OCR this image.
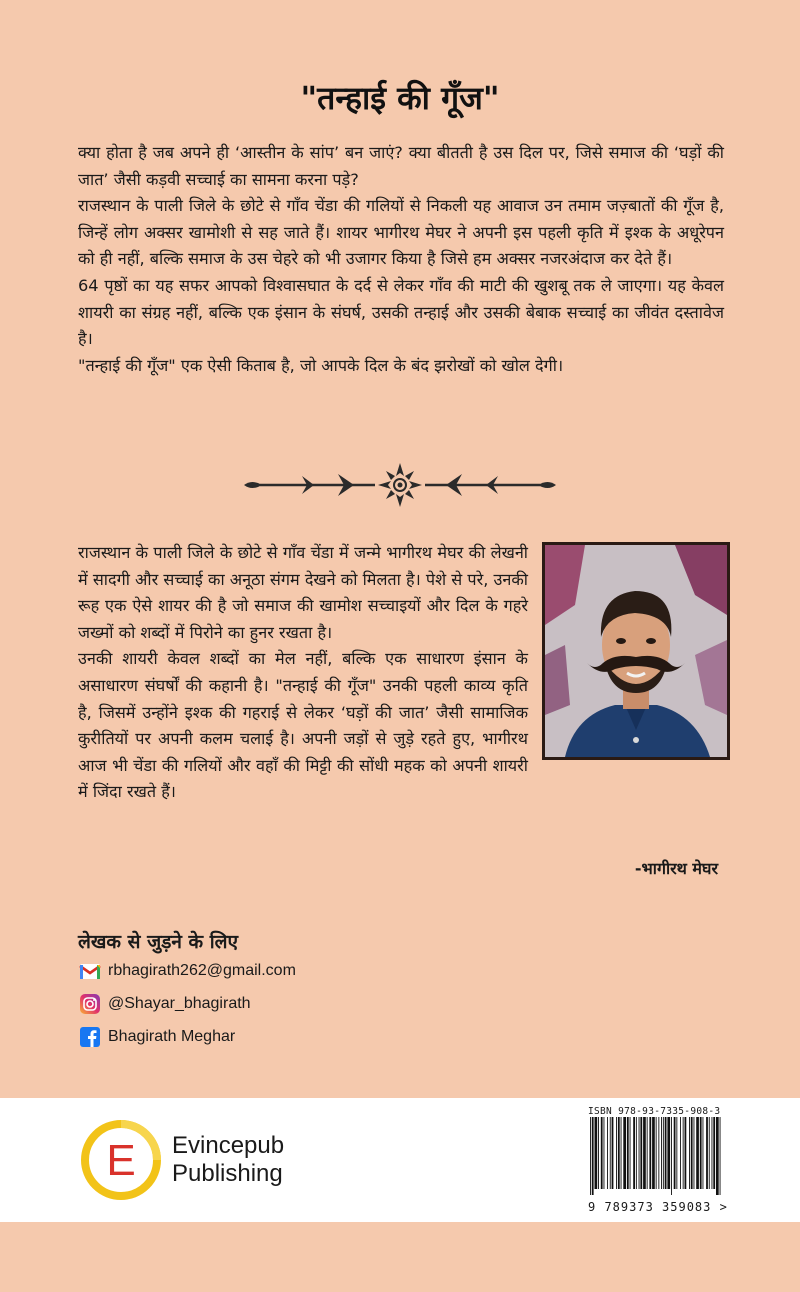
"तन्हाई की गूँज"

क्या होता है जब अपने ही ‘आस्तीन के सांप’ बन जाएं? क्या बीतती है उस दिल पर, जिसे समाज की ‘घड़ों की जात’ जैसी कड़वी सच्चाई का सामना करना पड़े?

राजस्थान के पाली जिले के छोटे से गाँव चेंडा की गलियों से निकली यह आवाज उन तमाम जज़्बातों की गूँज है, जिन्हें लोग अक्सर खामोशी से सह जाते हैं। शायर भागीरथ मेघर ने अपनी इस पहली कृति में इश्क के अधूरेपन को ही नहीं, बल्कि समाज के उस चेहरे को भी उजागर किया है जिसे हम अक्सर नजरअंदाज कर देते हैं।

64 पृष्ठों का यह सफर आपको विश्वासघात के दर्द से लेकर गाँव की माटी की खुशबू तक ले जाएगा। यह केवल शायरी का संग्रह नहीं, बल्कि एक इंसान के संघर्ष, उसकी तन्हाई और उसकी बेबाक सच्चाई का जीवंत दस्तावेज है।

"तन्हाई की गूँज" एक ऐसी किताब है, जो आपके दिल के बंद झरोखों को खोल देगी।

राजस्थान के पाली जिले के छोटे से गाँव चेंडा में जन्मे भागीरथ मेघर की लेखनी में सादगी और सच्चाई का अनूठा संगम देखने को मिलता है। पेशे से परे, उनकी रूह एक ऐसे शायर की है जो समाज की खामोश सच्चाइयों और दिल के गहरे जख्मों को शब्दों में पिरोने का हुनर रखता है।

उनकी शायरी केवल शब्दों का मेल नहीं, बल्कि एक साधारण इंसान के असाधारण संघर्षों की कहानी है। "तन्हाई की गूँज" उनकी पहली काव्य कृति है, जिसमें उन्होंने इश्क की गहराई से लेकर ‘घड़ों की जात’ जैसी सामाजिक कुरीतियों पर अपनी कलम चलाई है। अपनी जड़ों से जुड़े रहते हुए, भागीरथ आज भी चेंडा की गलियों और वहाँ की मिट्टी की सोंधी महक को अपनी शायरी में जिंदा रखते हैं।

-भागीरथ मेघर
लेखक से जुड़ने के लिए
rbhagirath262@gmail.com
@Shayar_bhagirath
Bhagirath Meghar
E Evincepub
Publishing
ISBN 978-93-7335-908-3
9 789373 359083 >
